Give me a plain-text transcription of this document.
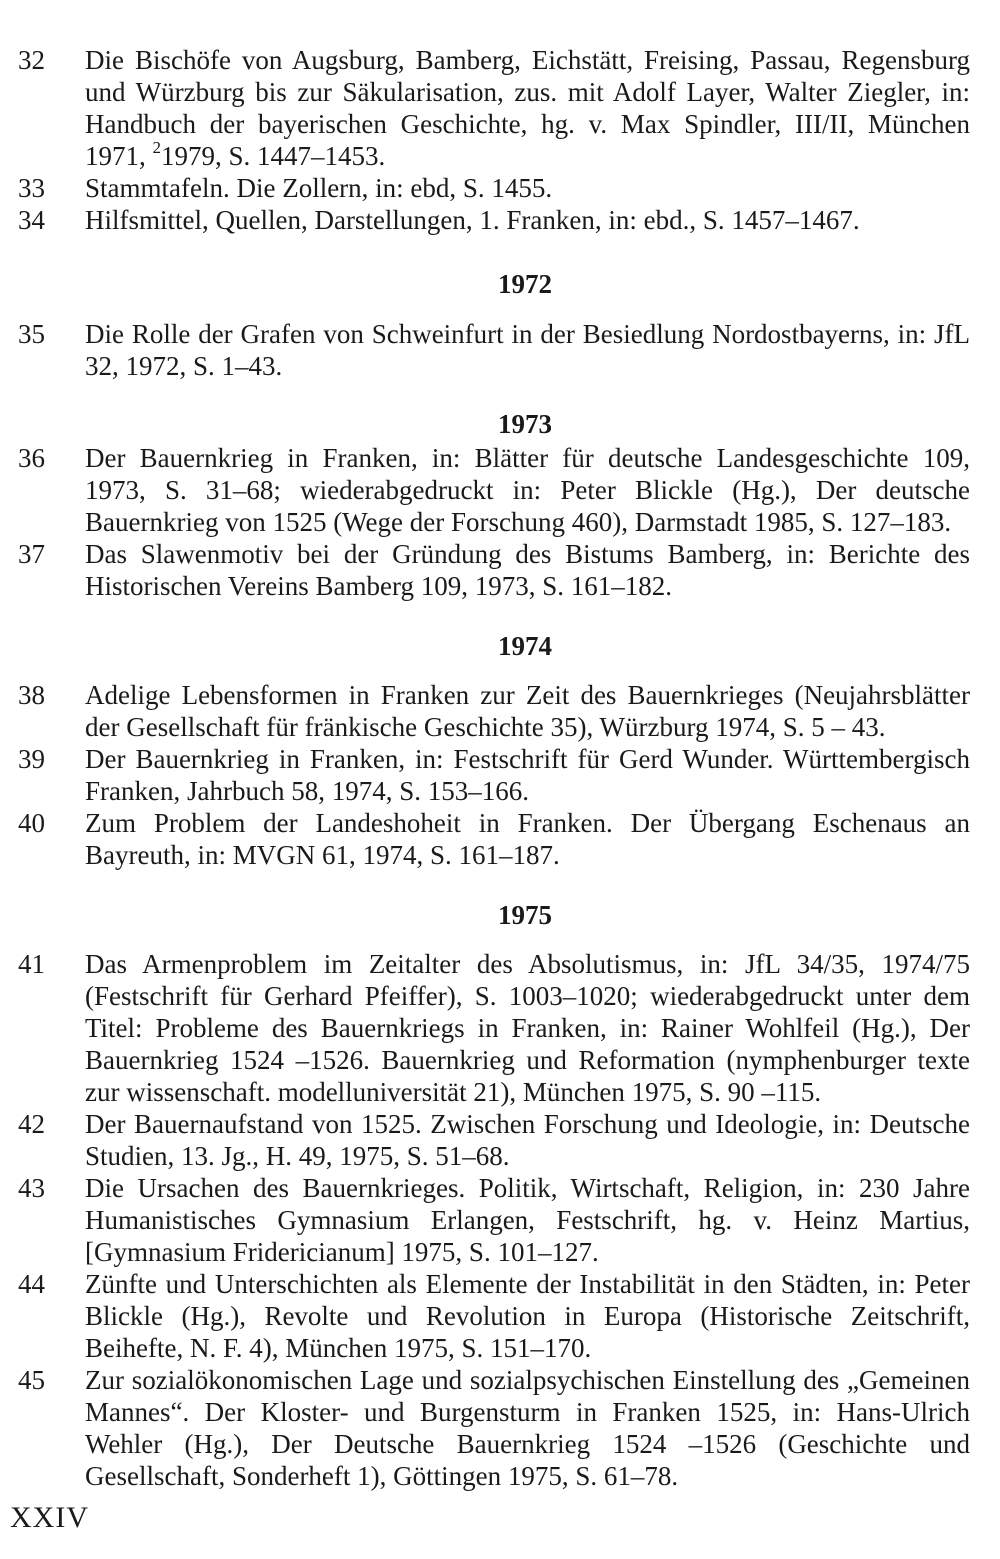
32	Die Bischöfe von Augsburg, Bamberg, Eichstätt, Freising, Passau, Regensburg und Würzburg bis zur Säkularisation, zus. mit Adolf Layer, Walter Ziegler, in: Handbuch der bayerischen Geschichte, hg. v. Max Spindler, III/II, München 1971, $^2$1979, S. 1447–1453.
33	Stammtafeln. Die Zollern, in: ebd, S. 1455.
34	Hilfsmittel, Quellen, Darstellungen, 1. Franken, in: ebd., S. 1457–1467.
1972
35	Die Rolle der Grafen von Schweinfurt in der Besiedlung Nordostbayerns, in: JfL 32, 1972, S. 1–43.
1973
36	Der Bauernkrieg in Franken, in: Blätter für deutsche Landesgeschichte 109, 1973, S. 31–68; wiederabgedruckt in: Peter Blickle (Hg.), Der deutsche Bauernkrieg von 1525 (Wege der Forschung 460), Darmstadt 1985, S. 127–183.
37	Das Slawenmotiv bei der Gründung des Bistums Bamberg, in: Berichte des Historischen Vereins Bamberg 109, 1973, S. 161–182.
1974
38	Adelige Lebensformen in Franken zur Zeit des Bauernkrieges (Neujahrsblätter der Gesellschaft für fränkische Geschichte 35), Würzburg 1974, S. 5 – 43.
39	Der Bauernkrieg in Franken, in: Festschrift für Gerd Wunder. Württembergisch Franken, Jahrbuch 58, 1974, S. 153–166.
40	Zum Problem der Landeshoheit in Franken. Der Übergang Eschenaus an Bayreuth, in: MVGN 61, 1974, S. 161–187.
1975
41	Das Armenproblem im Zeitalter des Absolutismus, in: JfL 34/35, 1974/75 (Festschrift für Gerhard Pfeiffer), S. 1003–1020; wiederabgedruckt unter dem Titel: Probleme des Bauernkriegs in Franken, in: Rainer Wohlfeil (Hg.), Der Bauernkrieg 1524 –1526. Bauernkrieg und Reformation (nymphenburger texte zur wissenschaft. modelluniversität 21), München 1975, S. 90 –115.
42	Der Bauernaufstand von 1525. Zwischen Forschung und Ideologie, in: Deutsche Studien, 13. Jg., H. 49, 1975, S. 51–68.
43	Die Ursachen des Bauernkrieges. Politik, Wirtschaft, Religion, in: 230 Jahre Humanistisches Gymnasium Erlangen, Festschrift, hg. v. Heinz Martius, [Gymnasium Fridericianum] 1975, S. 101–127.
44	Zünfte und Unterschichten als Elemente der Instabilität in den Städten, in: Peter Blickle (Hg.), Revolte und Revolution in Europa (Historische Zeitschrift, Beihefte, N. F. 4), München 1975, S. 151–170.
45	Zur sozialökonomischen Lage und sozialpsychischen Einstellung des „Gemeinen Mannes“. Der Kloster- und Burgensturm in Franken 1525, in: Hans-Ulrich Wehler (Hg.), Der Deutsche Bauernkrieg 1524 –1526 (Geschichte und Gesellschaft, Sonderheft 1), Göttingen 1975, S. 61–78.
XXIV
